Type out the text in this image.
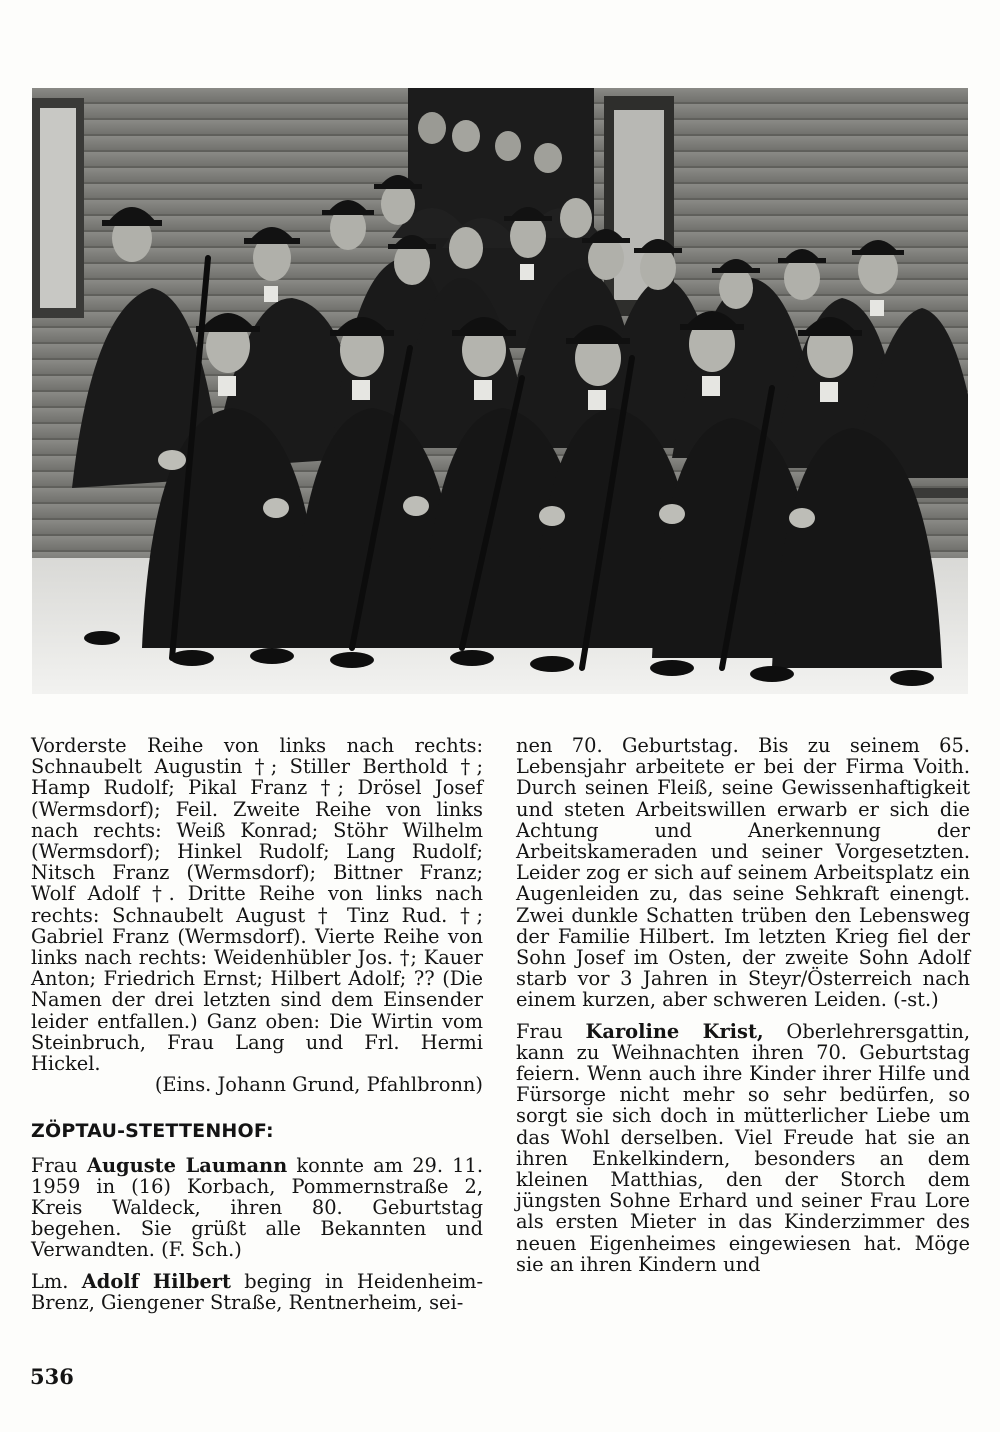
Vorderste Reihe von links nach rechts: Schnaubelt Augustin †; Stiller Berthold †; Hamp Rudolf; Pikal Franz †; Drösel Josef (Wermsdorf); Feil. Zweite Reihe von links nach rechts: Weiß Konrad; Stöhr Wilhelm (Wermsdorf); Hinkel Rudolf; Lang Rudolf; Nitsch Franz (Wermsdorf); Bittner Franz; Wolf Adolf †. Dritte Reihe von links nach rechts: Schnaubelt August † Tinz Rud. †; Gabriel Franz (Wermsdorf). Vierte Reihe von links nach rechts: Weidenhübler Jos. †; Kauer Anton; Friedrich Ernst; Hilbert Adolf; ?? (Die Namen der drei letzten sind dem Einsender leider entfallen.) Ganz oben: Die Wirtin vom Steinbruch, Frau Lang und Frl. Hermi Hickel.

(Eins. Johann Grund, Pfahlbronn)

ZÖPTAU-STETTENHOF:

Frau Auguste Laumann konnte am 29. 11. 1959 in (16) Korbach, Pommernstraße 2, Kreis Waldeck, ihren 80. Geburtstag begehen. Sie grüßt alle Bekannten und Verwandten. (F. Sch.)

Lm. Adolf Hilbert beging in Heidenheim-Brenz, Giengener Straße, Rentnerheim, sei-

nen 70. Geburtstag. Bis zu seinem 65. Lebensjahr arbeitete er bei der Firma Voith. Durch seinen Fleiß, seine Gewissenhaftigkeit und steten Arbeitswillen erwarb er sich die Achtung und Anerkennung der Arbeitskameraden und seiner Vorgesetzten. Leider zog er sich auf seinem Arbeitsplatz ein Augenleiden zu, das seine Sehkraft einengt. Zwei dunkle Schatten trüben den Lebensweg der Familie Hilbert. Im letzten Krieg fiel der Sohn Josef im Osten, der zweite Sohn Adolf starb vor 3 Jahren in Steyr/Österreich nach einem kurzen, aber schweren Leiden. (-st.)

Frau Karoline Krist, Oberlehrersgattin, kann zu Weihnachten ihren 70. Geburtstag feiern. Wenn auch ihre Kinder ihrer Hilfe und Fürsorge nicht mehr so sehr bedürfen, so sorgt sie sich doch in mütterlicher Liebe um das Wohl derselben. Viel Freude hat sie an ihren Enkelkindern, besonders an dem kleinen Matthias, den der Storch dem jüngsten Sohne Erhard und seiner Frau Lore als ersten Mieter in das Kinderzimmer des neuen Eigenheimes eingewiesen hat. Möge sie an ihren Kindern und

536
